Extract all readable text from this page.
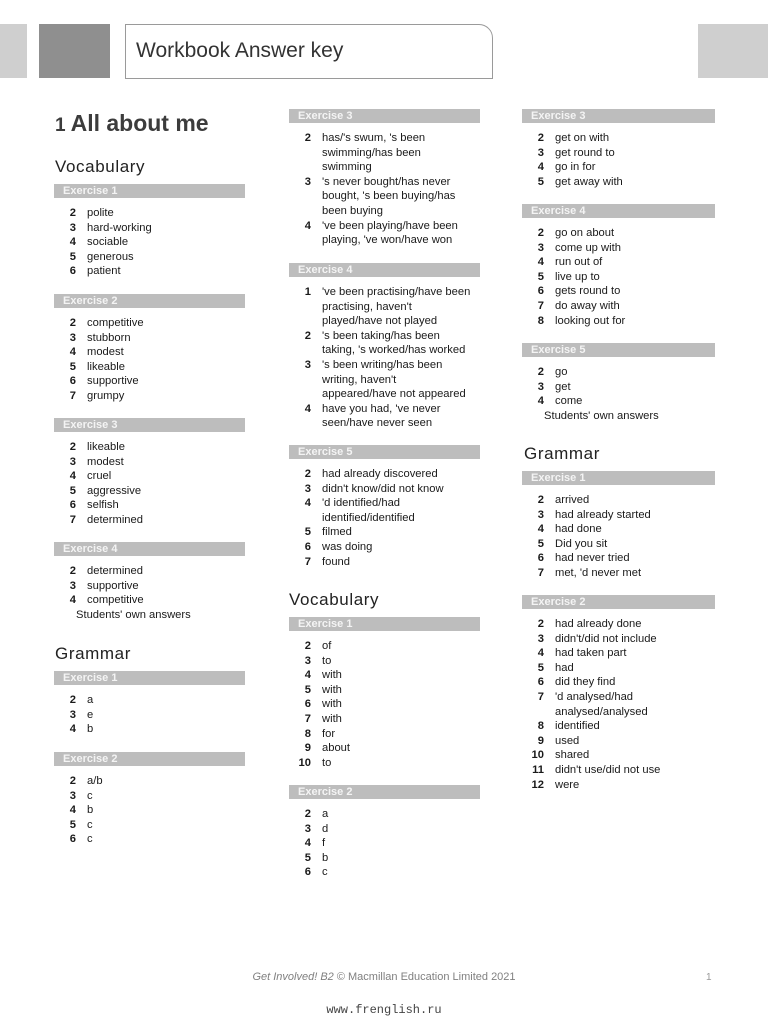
Workbook Answer key
1 All about me
Vocabulary
Exercise 1
2 polite
3 hard-working
4 sociable
5 generous
6 patient
Exercise 2
2 competitive
3 stubborn
4 modest
5 likeable
6 supportive
7 grumpy
Exercise 3
2 likeable
3 modest
4 cruel
5 aggressive
6 selfish
7 determined
Exercise 4
2 determined
3 supportive
4 competitive
Students' own answers
Grammar
Exercise 1
2 a
3 e
4 b
Exercise 2
2 a/b
3 c
4 b
5 c
6 c
Exercise 3
2 has/'s swum, 's been
swimming/has been
swimming
3 's never bought/has never
bought, 's been buying/has
been buying
4 've been playing/have been
playing, 've won/have won
Exercise 4
1 've been practising/have been
practising, haven't
played/have not played
2 's been taking/has been
taking, 's worked/has worked
3 's been writing/has been
writing, haven't
appeared/have not appeared
4 have you had, 've never
seen/have never seen
Exercise 5
2 had already discovered
3 didn't know/did not know
4 'd identified/had
identified/identified
5 filmed
6 was doing
7 found
Vocabulary
Exercise 1
2 of
3 to
4 with
5 with
6 with
7 with
8 for
9 about
10 to
Exercise 2
2 a
3 d
4 f
5 b
6 c
Exercise 3
2 get on with
3 get round to
4 go in for
5 get away with
Exercise 4
2 go on about
3 come up with
4 run out of
5 live up to
6 gets round to
7 do away with
8 looking out for
Exercise 5
2 go
3 get
4 come
Students' own answers
Grammar
Exercise 1
2 arrived
3 had already started
4 had done
5 Did you sit
6 had never tried
7 met, 'd never met
Exercise 2
2 had already done
3 didn't/did not include
4 had taken part
5 had
6 did they find
7 'd analysed/had
analysed/analysed
8 identified
9 used
10 shared
11 didn't use/did not use
12 were
Get Involved! B2 © Macmillan Education Limited 2021	1
www.frenglish.ru
